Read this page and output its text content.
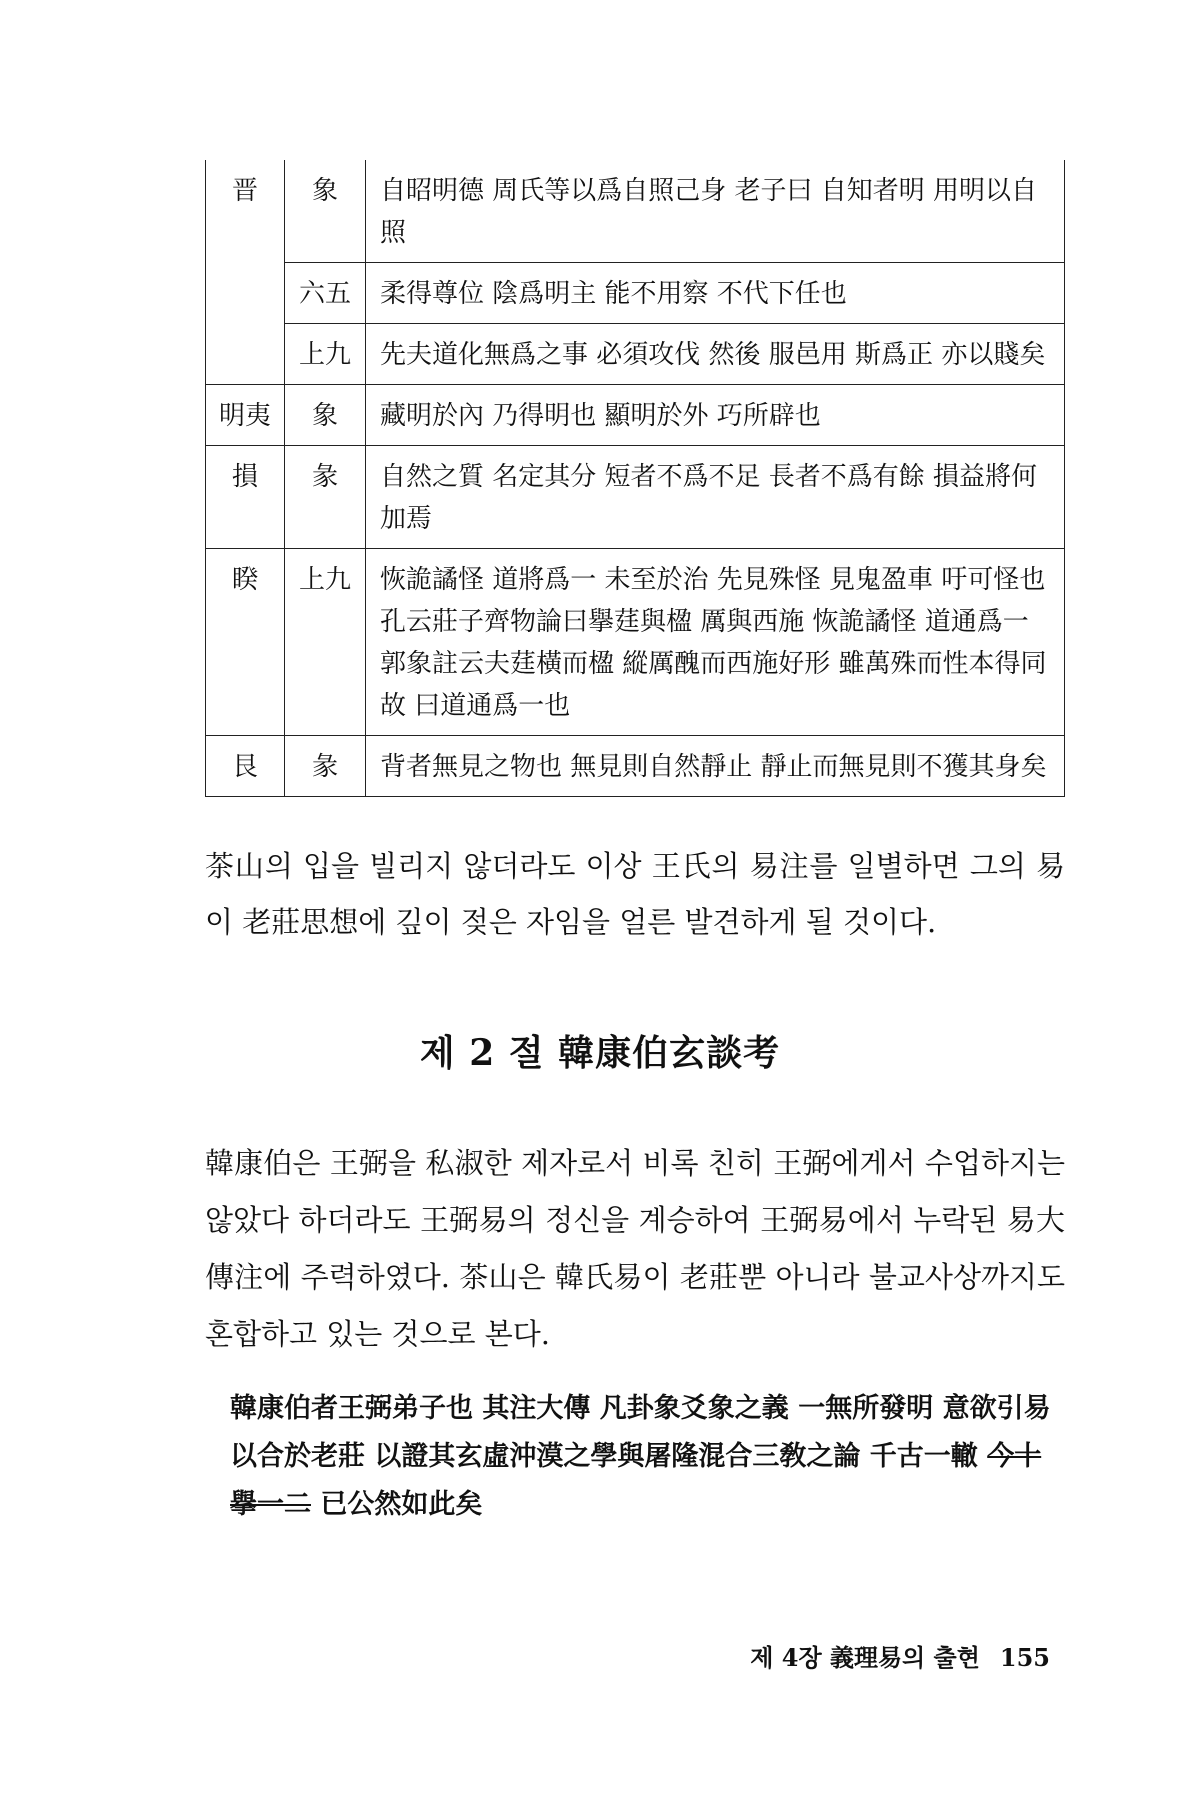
晋	象	自昭明德 周氏等以爲自照己身 老子曰 自知者明 用明以自
照

	六五	柔得尊位 陰爲明主 能不用察 不代下任也

	上九	先夫道化無爲之事 必須攻伐 然後 服邑用 斯爲正 亦以賤矣

明夷	象	藏明於內 乃得明也 顯明於外 巧所辟也

損	彖	自然之質 名定其分 短者不爲不足 長者不爲有餘 損益將何
加焉

睽	上九	恢詭譎怪 道將爲一 未至於治 先見殊怪 見鬼盈車 吁可怪也
孔云莊子齊物論曰擧莛與楹 厲與西施 恢詭譎怪 道通爲一
郭象註云夫莛橫而楹 縱厲醜而西施好形 雖萬殊而性本得同
故 曰道通爲一也

艮	彖	背者無見之物也 無見則自然靜止 靜止而無見則不獲其身矣
茶山의 입을 빌리지 않더라도 이상 王氏의 易注를 일별하면 그의 易이 老莊思想에 깊이 젖은 자임을 얼른 발견하게 될 것이다.
제 2 절 韓康伯玄談考
韓康伯은 王弼을 私淑한 제자로서 비록 친히 王弼에게서 수업하지는 않았다 하더라도 王弼易의 정신을 계승하여 王弼易에서 누락된 易大傳注에 주력하였다. 茶山은 韓氏易이 老莊뿐 아니라 불교사상까지도 혼합하고 있는 것으로 본다.
韓康伯者王弼弟子也 其注大傳 凡卦象爻象之義 一無所發明 意欲引易以合於老莊 以證其玄虛沖漠之學與屠隆混合三敎之論 千古一轍 今十擧一二 已公然如此矣
제 4장 義理易의 출현 155
